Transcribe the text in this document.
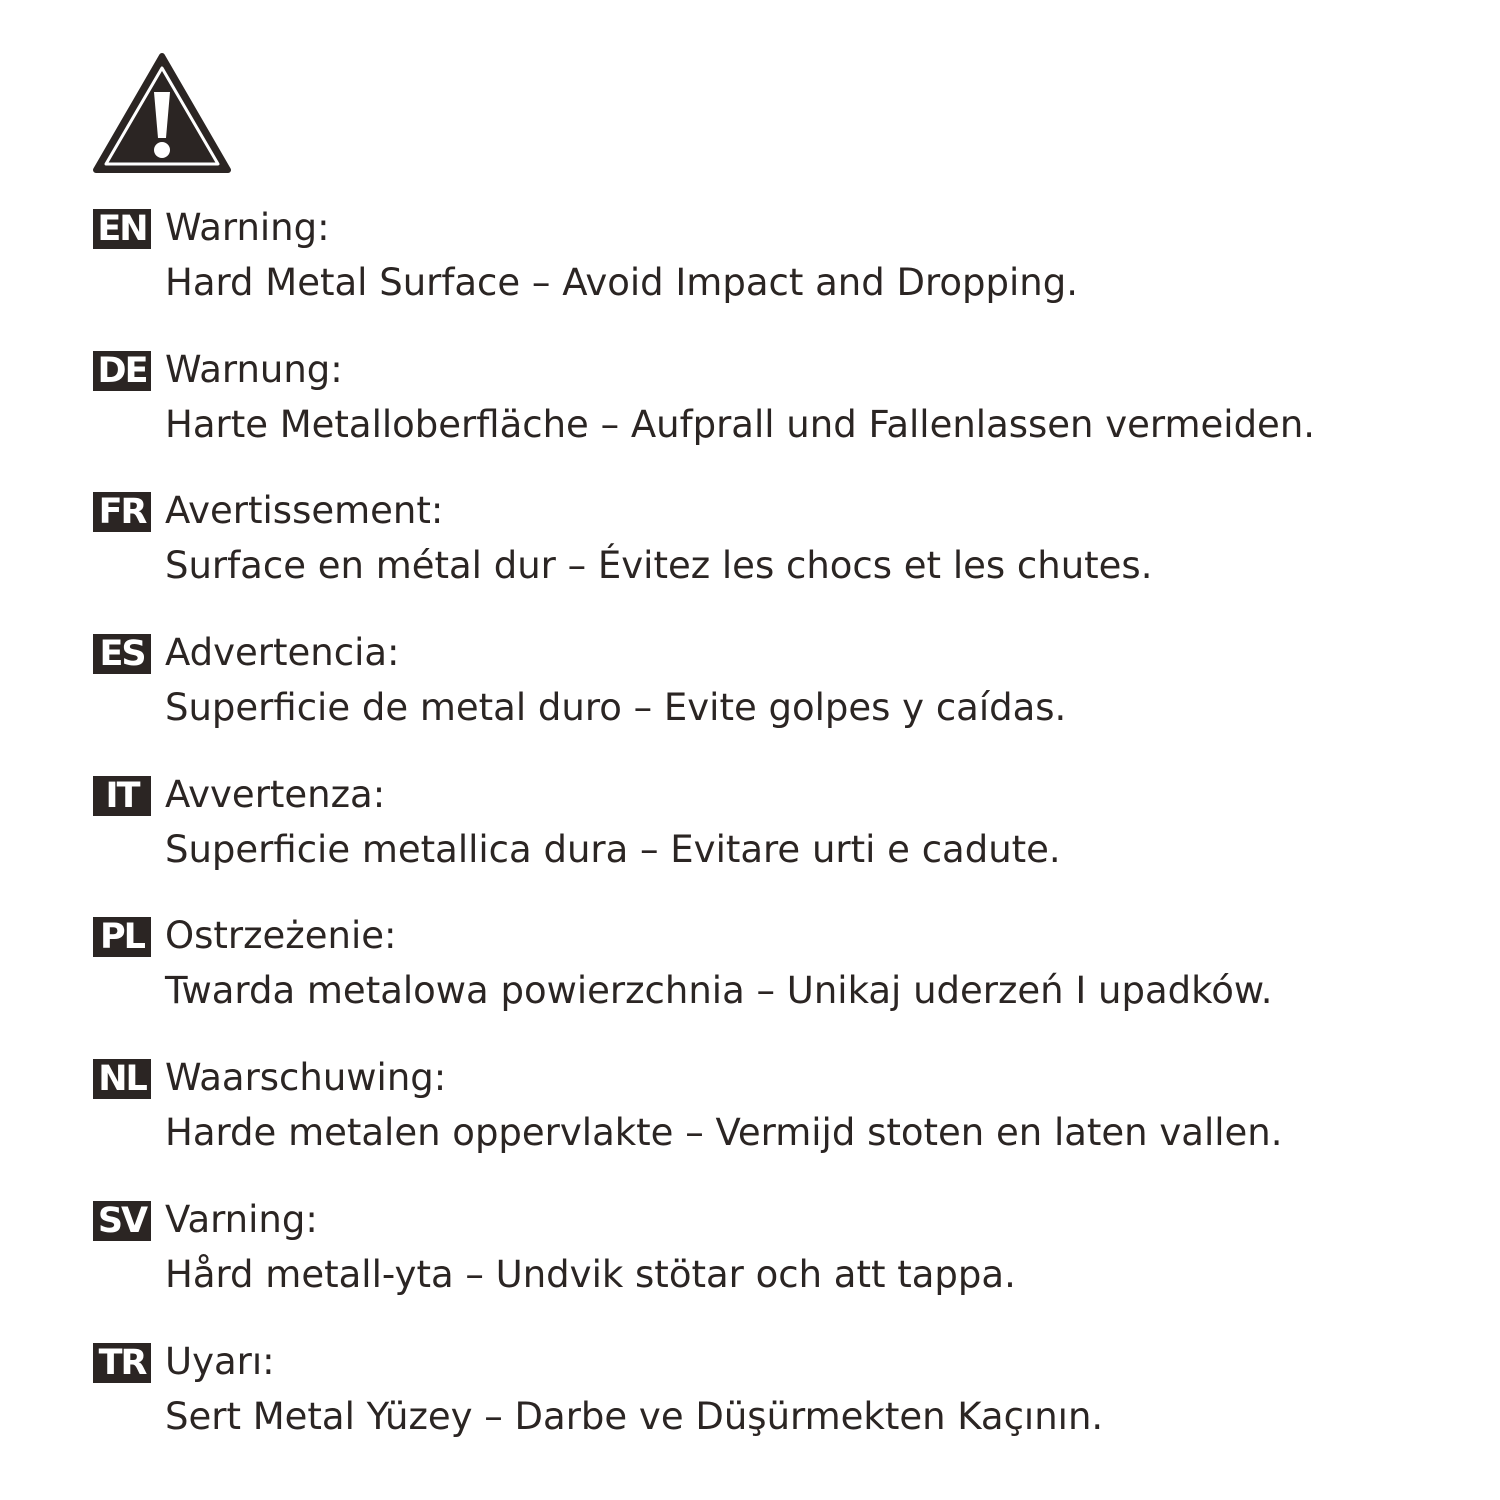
EN Warning:
Hard Metal Surface – Avoid Impact and Dropping.
DE Warnung:
Harte Metalloberfläche – Aufprall und Fallenlassen vermeiden.
FR Avertissement:
Surface en métal dur – Évitez les chocs et les chutes.
ES Advertencia:
Superficie de metal duro – Evite golpes y caídas.
IT Avvertenza:
Superficie metallica dura – Evitare urti e cadute.
PL Ostrzeżenie:
Twarda metalowa powierzchnia – Unikaj uderzeń I upadków.
NL Waarschuwing:
Harde metalen oppervlakte – Vermijd stoten en laten vallen.
SV Varning:
Hård metall-yta – Undvik stötar och att tappa.
TR Uyarı:
Sert Metal Yüzey – Darbe ve Düşürmekten Kaçının.
